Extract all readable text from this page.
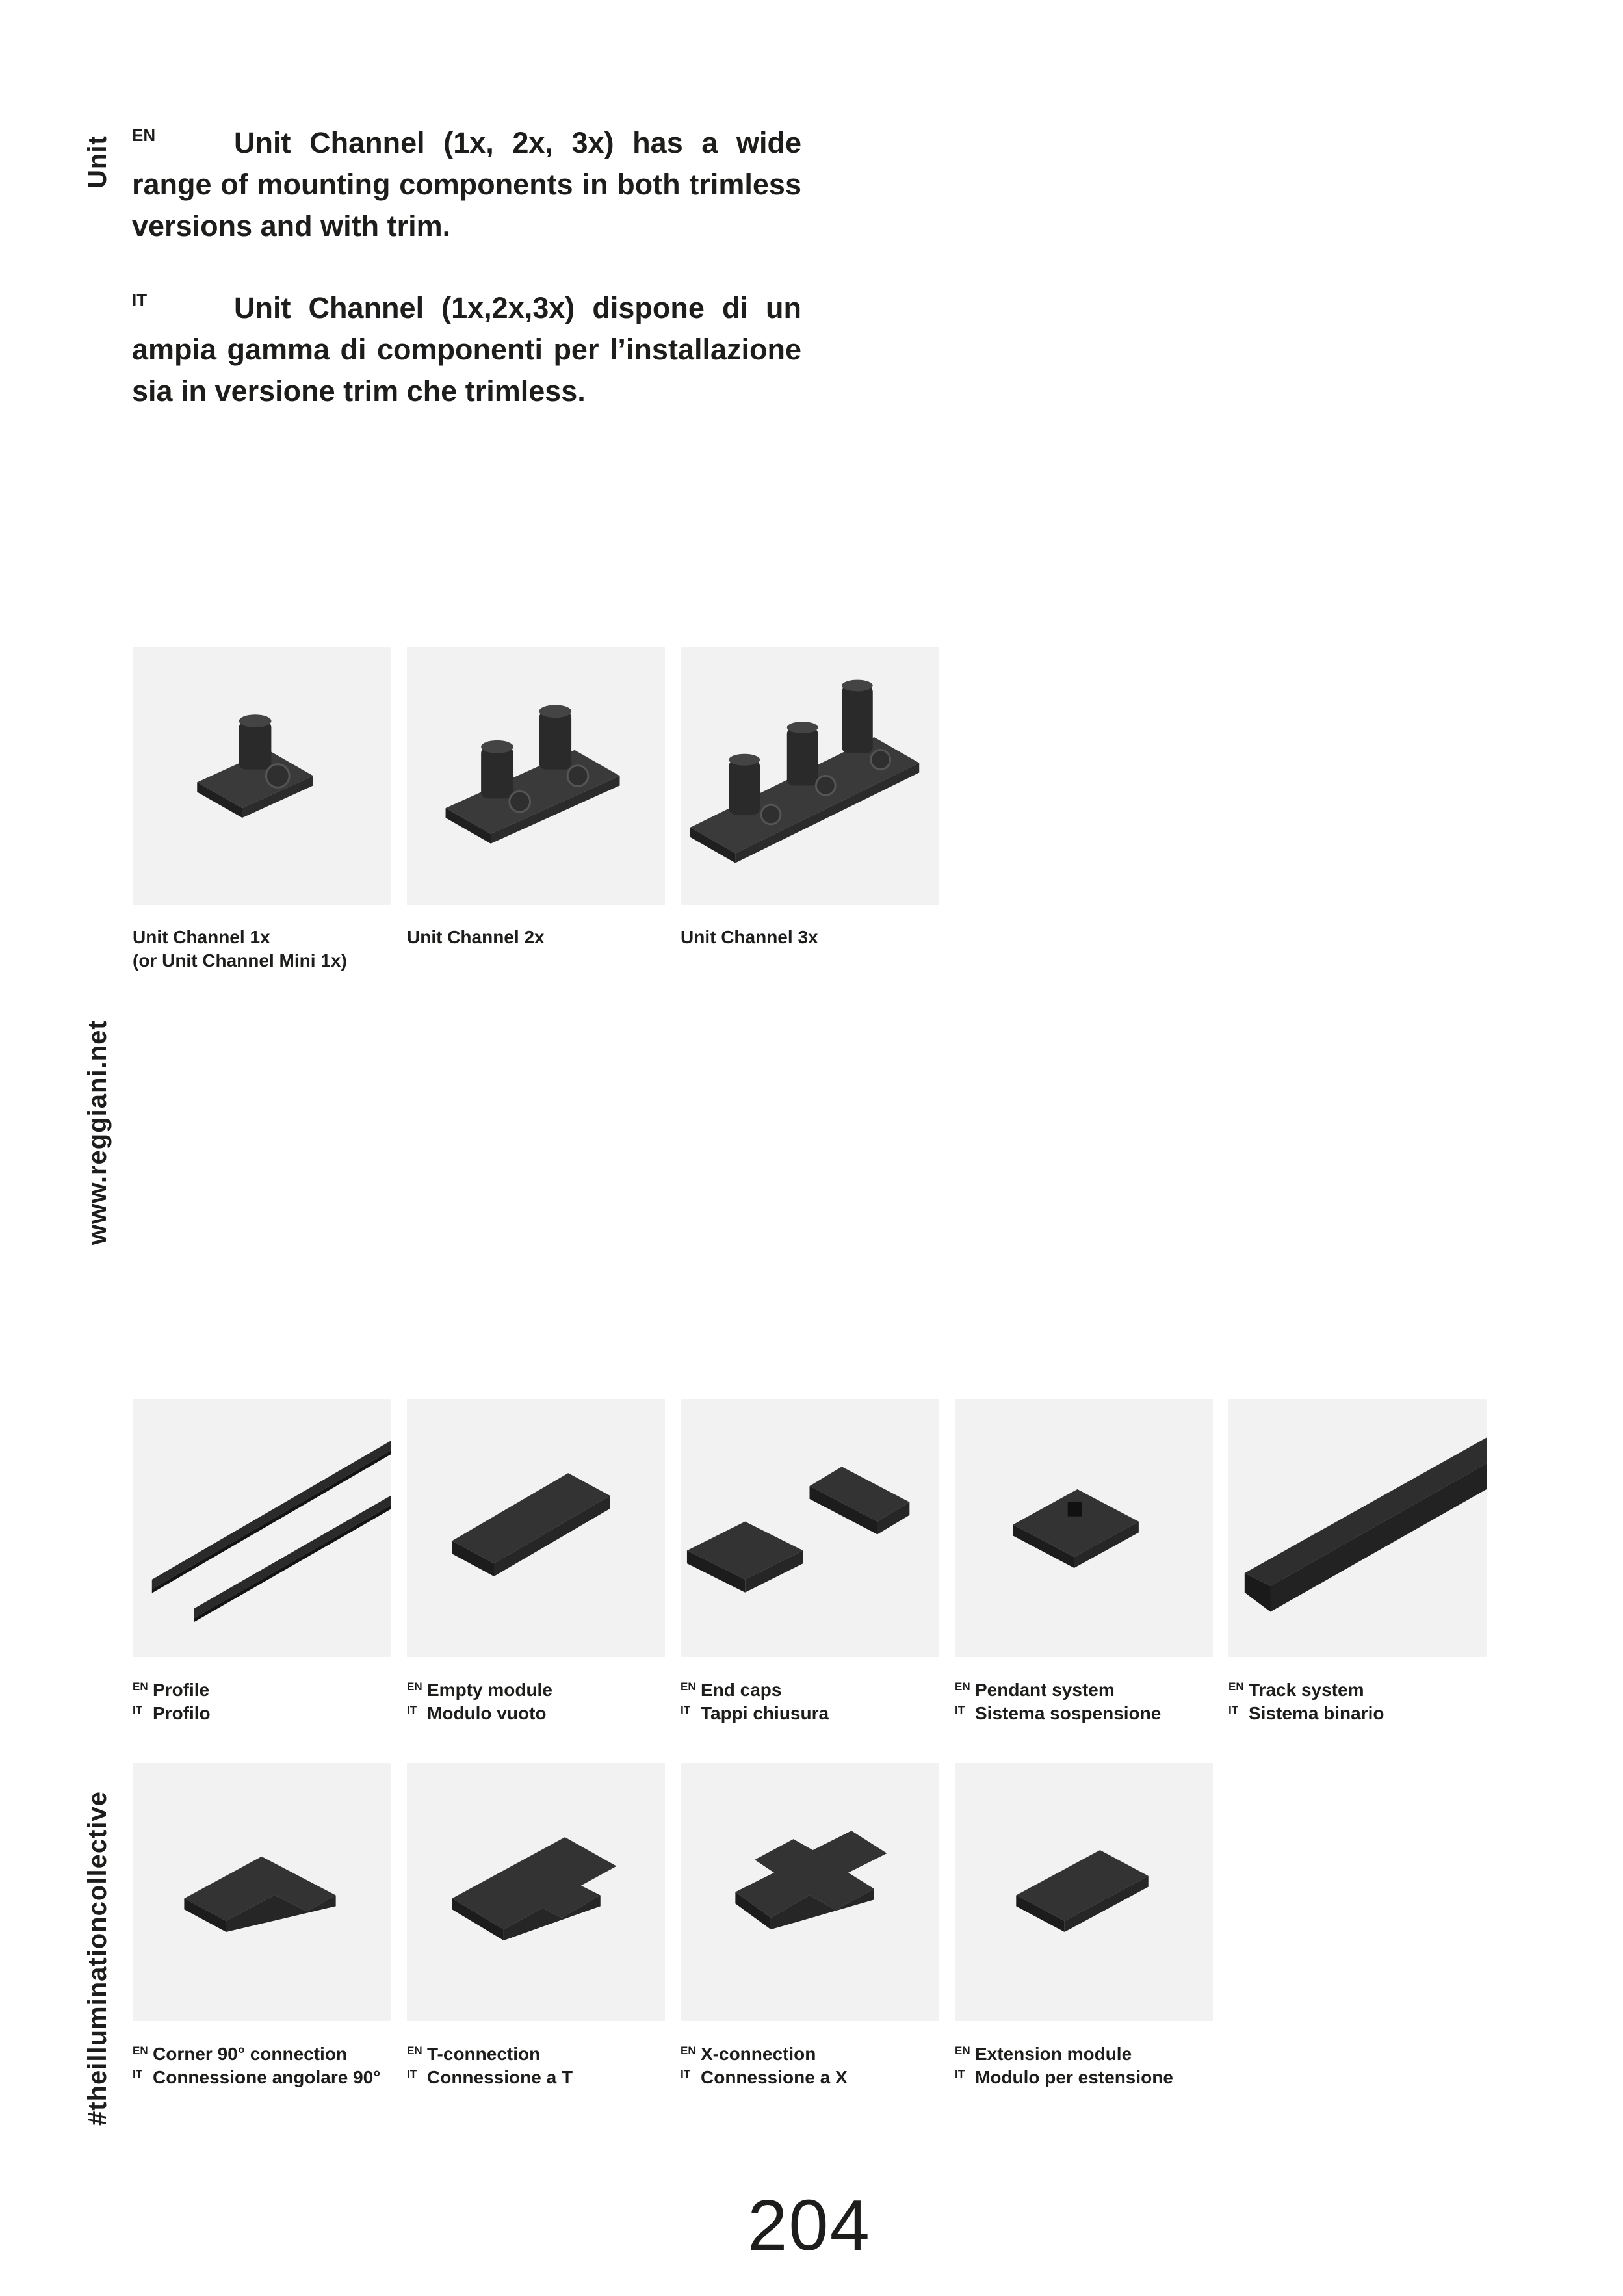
Unit
www.reggiani.net
#theilluminationcollective
EN	Unit Channel (1x, 2x, 3x) has a wide range of mounting components in both trimless versions and with trim.
IT	Unit Channel (1x,2x,3x) dispone di un ampia gamma di componenti per l’installazione sia in versione trim che trimless.
Unit Channel 1x
(or Unit Channel Mini 1x)
Unit Channel 2x	Unit Channel 3x
EN Profile
IT Profilo
EN Empty module
IT Modulo vuoto
EN End caps
IT Tappi chiusura
EN Pendant system
IT Sistema sospensione
EN Track system
IT Sistema binario
EN Corner 90° connection
IT Connessione angolare 90°
EN T-connection
IT Connessione a T
EN X-connection
IT Connessione a X
EN Extension module
IT Modulo per estensione
204
